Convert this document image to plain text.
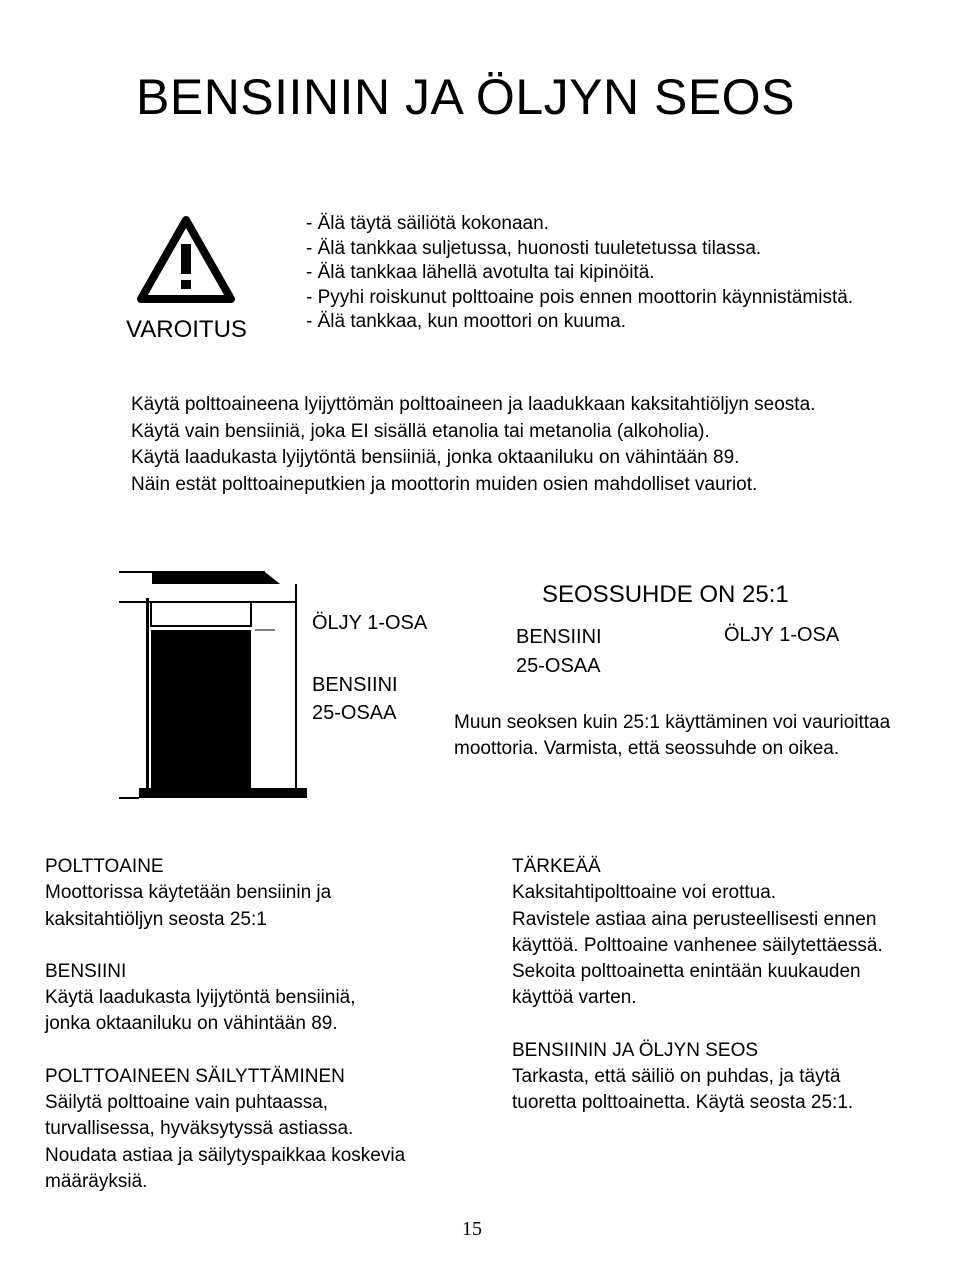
BENSIININ JA ÖLJYN SEOS
VAROITUS
- Älä täytä säiliötä kokonaan.
- Älä tankkaa suljetussa, huonosti tuuletetussa tilassa.
- Älä tankkaa lähellä avotulta tai kipinöitä.
- Pyyhi roiskunut polttoaine pois ennen moottorin käynnistämistä.
- Älä tankkaa, kun moottori on kuuma.
Käytä polttoaineena lyijyttömän polttoaineen ja laadukkaan kaksitahtiöljyn seosta.
Käytä vain bensiiniä, joka EI sisällä etanolia tai metanolia (alkoholia).
Käytä laadukasta lyijytöntä bensiiniä, jonka oktaaniluku on vähintään 89.
Näin estät polttoaineputkien ja moottorin muiden osien mahdolliset vauriot.
ÖLJY 1-OSA
BENSIINI
25-OSAA
SEOSSUHDE ON 25:1
BENSIINI
25-OSAA
ÖLJY 1-OSA
Muun seoksen kuin 25:1 käyttäminen voi vaurioittaa
moottoria. Varmista, että seossuhde on oikea.
POLTTOAINE
Moottorissa käytetään bensiinin ja
kaksitahtiöljyn seosta 25:1
BENSIINI
Käytä laadukasta lyijytöntä bensiiniä,
jonka oktaaniluku on vähintään 89.
POLTTOAINEEN SÄILYTTÄMINEN
Säilytä polttoaine vain puhtaassa,
turvallisessa, hyväksytyssä astiassa.
Noudata astiaa ja säilytyspaikkaa koskevia
määräyksiä.
TÄRKEÄÄ
Kaksitahtipolttoaine voi erottua.
Ravistele astiaa aina perusteellisesti ennen
käyttöä. Polttoaine vanhenee säilytettäessä.
Sekoita polttoainetta enintään kuukauden
käyttöä varten.
BENSIININ JA ÖLJYN SEOS
Tarkasta, että säiliö on puhdas, ja täytä
tuoretta polttoainetta. Käytä seosta 25:1.
15
